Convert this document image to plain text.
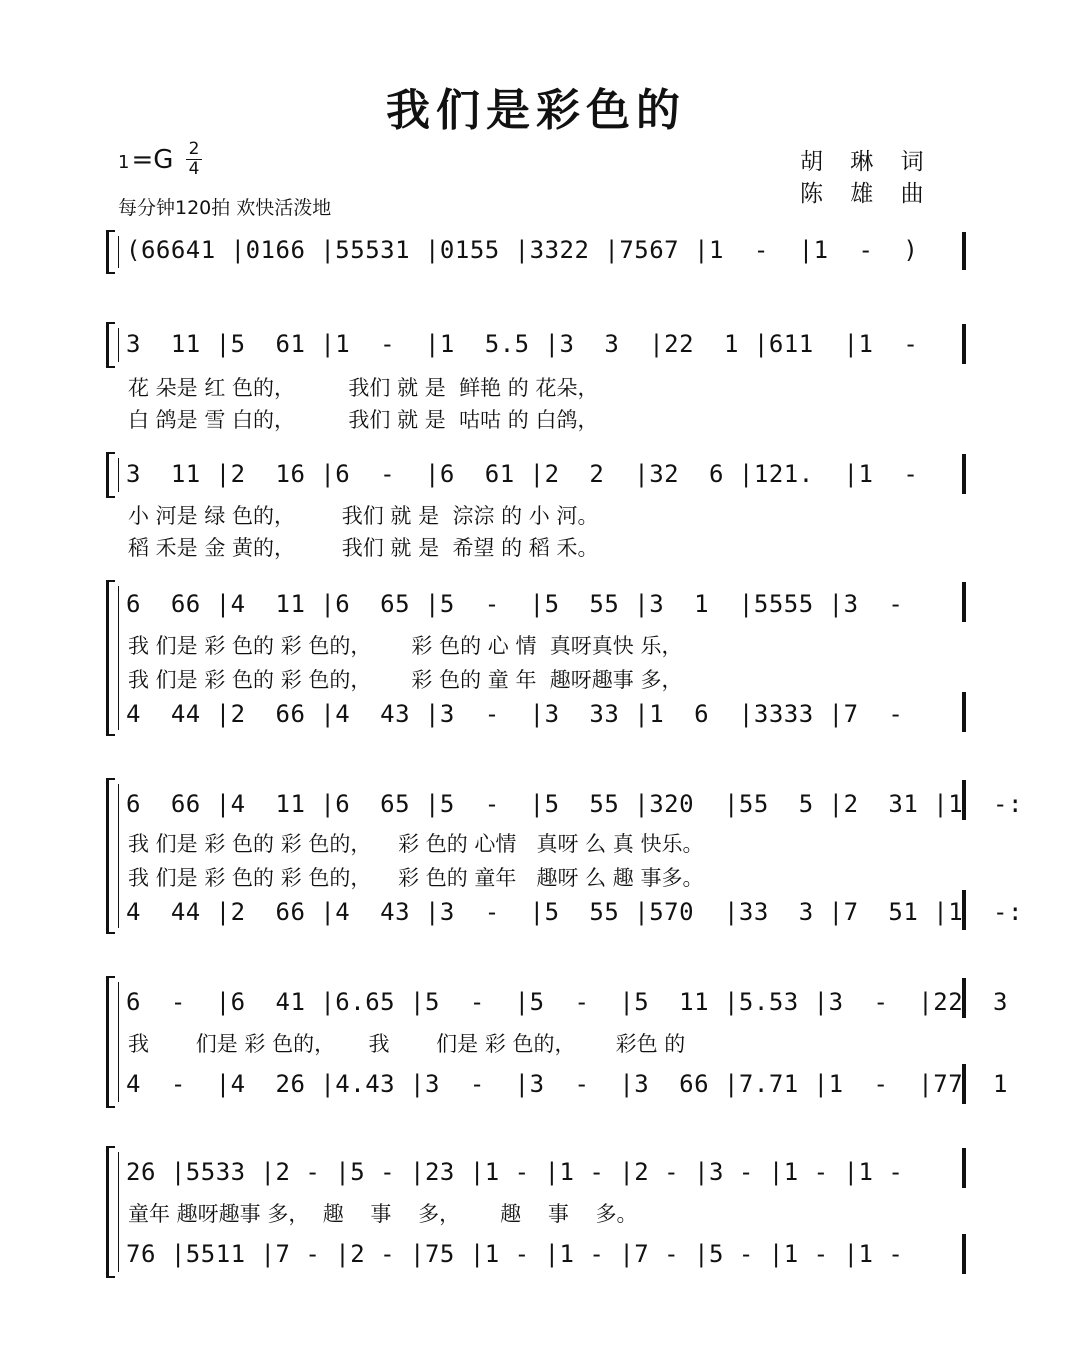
我们是彩色的
1=G 2
4
每分钟120拍 欢快活泼地
胡 琳 词
陈 雄 曲
(66641 |0166 |55531 |0155 |3322 |7567 |1  -  |1  -  )
3  11 |5  61 |1  -  |1  5.5 |3  3  |22  1 |611  |1  -
花 朵是 红 色的，        我们 就 是  鲜艳 的 花朵，
白 鸽是 雪 白的，        我们 就 是  咕咕 的 白鸽，
3  11 |2  16 |6  -  |6  61 |2  2  |32  6 |121.  |1  -
小 河是 绿 色的，       我们 就 是  淙淙 的 小 河。
稻 禾是 金 黄的，       我们 就 是  希望 的 稻 禾。
6  66 |4  11 |6  65 |5  -  |5  55 |3  1  |5555 |3  -
我 们是 彩 色的 彩 色的，      彩 色的 心 情  真呀真快 乐，
我 们是 彩 色的 彩 色的，      彩 色的 童 年  趣呀趣事 多，
4  44 |2  66 |4  43 |3  -  |3  33 |1  6  |3333 |7  -
6  66 |4  11 |6  65 |5  -  |5  55 |320  |55  5 |2  31 |1  -:
我 们是 彩 色的 彩 色的，    彩 色的 心情   真呀 么 真 快乐。
我 们是 彩 色的 彩 色的，    彩 色的 童年   趣呀 么 趣 事多。
4  44 |2  66 |4  43 |3  -  |5  55 |570  |33  3 |7  51 |1  -:
6  -  |6  41 |6.65 |5  -  |5  -  |5  11 |5.53 |3  -  |22  3
我       们是 彩 色的，     我       们是 彩 色的，      彩色 的
4  -  |4  26 |4.43 |3  -  |3  -  |3  66 |7.71 |1  -  |77  1
26 |5533 |2 - |5 - |23 |1 - |1 - |2 - |3 - |1 - |1 -
童年 趣呀趣事 多，  趣    事    多，      趣    事    多。
76 |5511 |7 - |2 - |75 |1 - |1 - |7 - |5 - |1 - |1 -
